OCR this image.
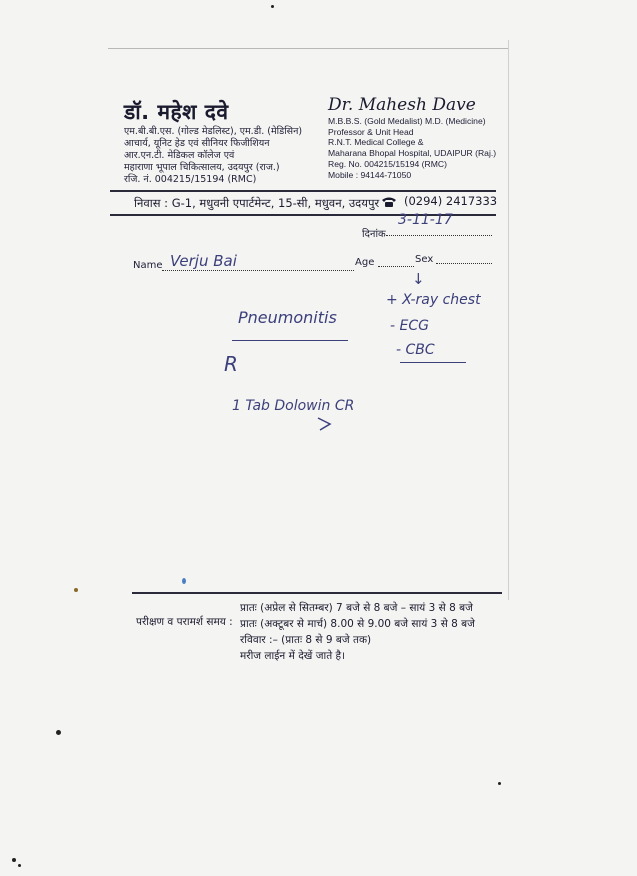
डॉ. महेश दवे
एम.बी.बी.एस. (गोल्ड मेडलिस्ट), एम.डी. (मेडिसिन)
आचार्य, यूनिट हेड एवं सीनियर फिजीशियन
आर.एन.टी. मेडिकल कॉलेज एवं
महाराणा भूपाल चिकित्सालय, उदयपुर (राज.)
रजि. नं. 004215/15194 (RMC)
Dr. Mahesh Dave
M.B.B.S. (Gold Medalist) M.D. (Medicine)
Professor & Unit Head
R.N.T. Medical College &
Maharana Bhopal Hospital, UDAIPUR (Raj.)
Reg. No. 004215/15194 (RMC)
Mobile : 94144-71050
निवास : G-1, मधुवनी एपार्टमेन्ट, 15-सी, मधुवन, उदयपुर (0294) 2417333
दिनांक
3-11-17
Name Verju Bai	Age	Sex
↓
Pneumonitis
+ X-ray chest
- ECG
- CBC
R
1 Tab Dolowin CR
परीक्षण व परामर्श समय :
प्रातः (अप्रेल से सितम्बर) 7 बजे से 8 बजे – सायं 3 से 8 बजे
प्रातः (अक्टूबर से मार्च) 8.00 से 9.00 बजे सायं 3 से 8 बजे
रविवार :– (प्रातः 8 से 9 बजे तक)
मरीज लाईन में देखें जाते है।
